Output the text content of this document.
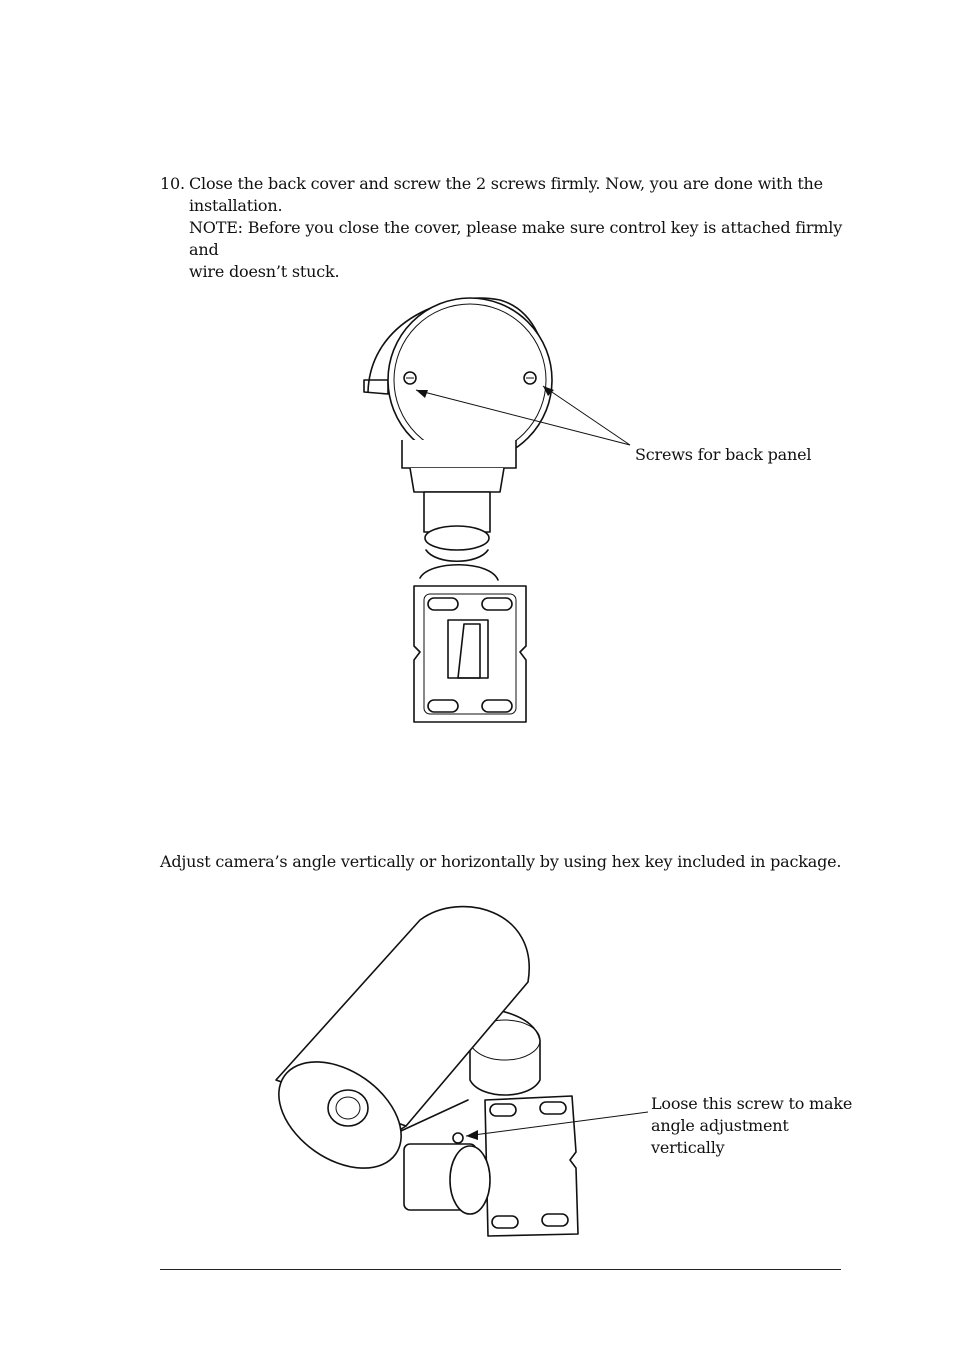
10. Close the back cover and screw the 2 screws firmly. Now, you are done with the

installation.

NOTE: Before you close the cover, please make sure control key is attached firmly and

wire doesn’t stuck.

Screws for back panel
Adjust camera’s angle vertically or horizontally by using hex key included in package.
Loose this screw to make
angle adjustment vertically
